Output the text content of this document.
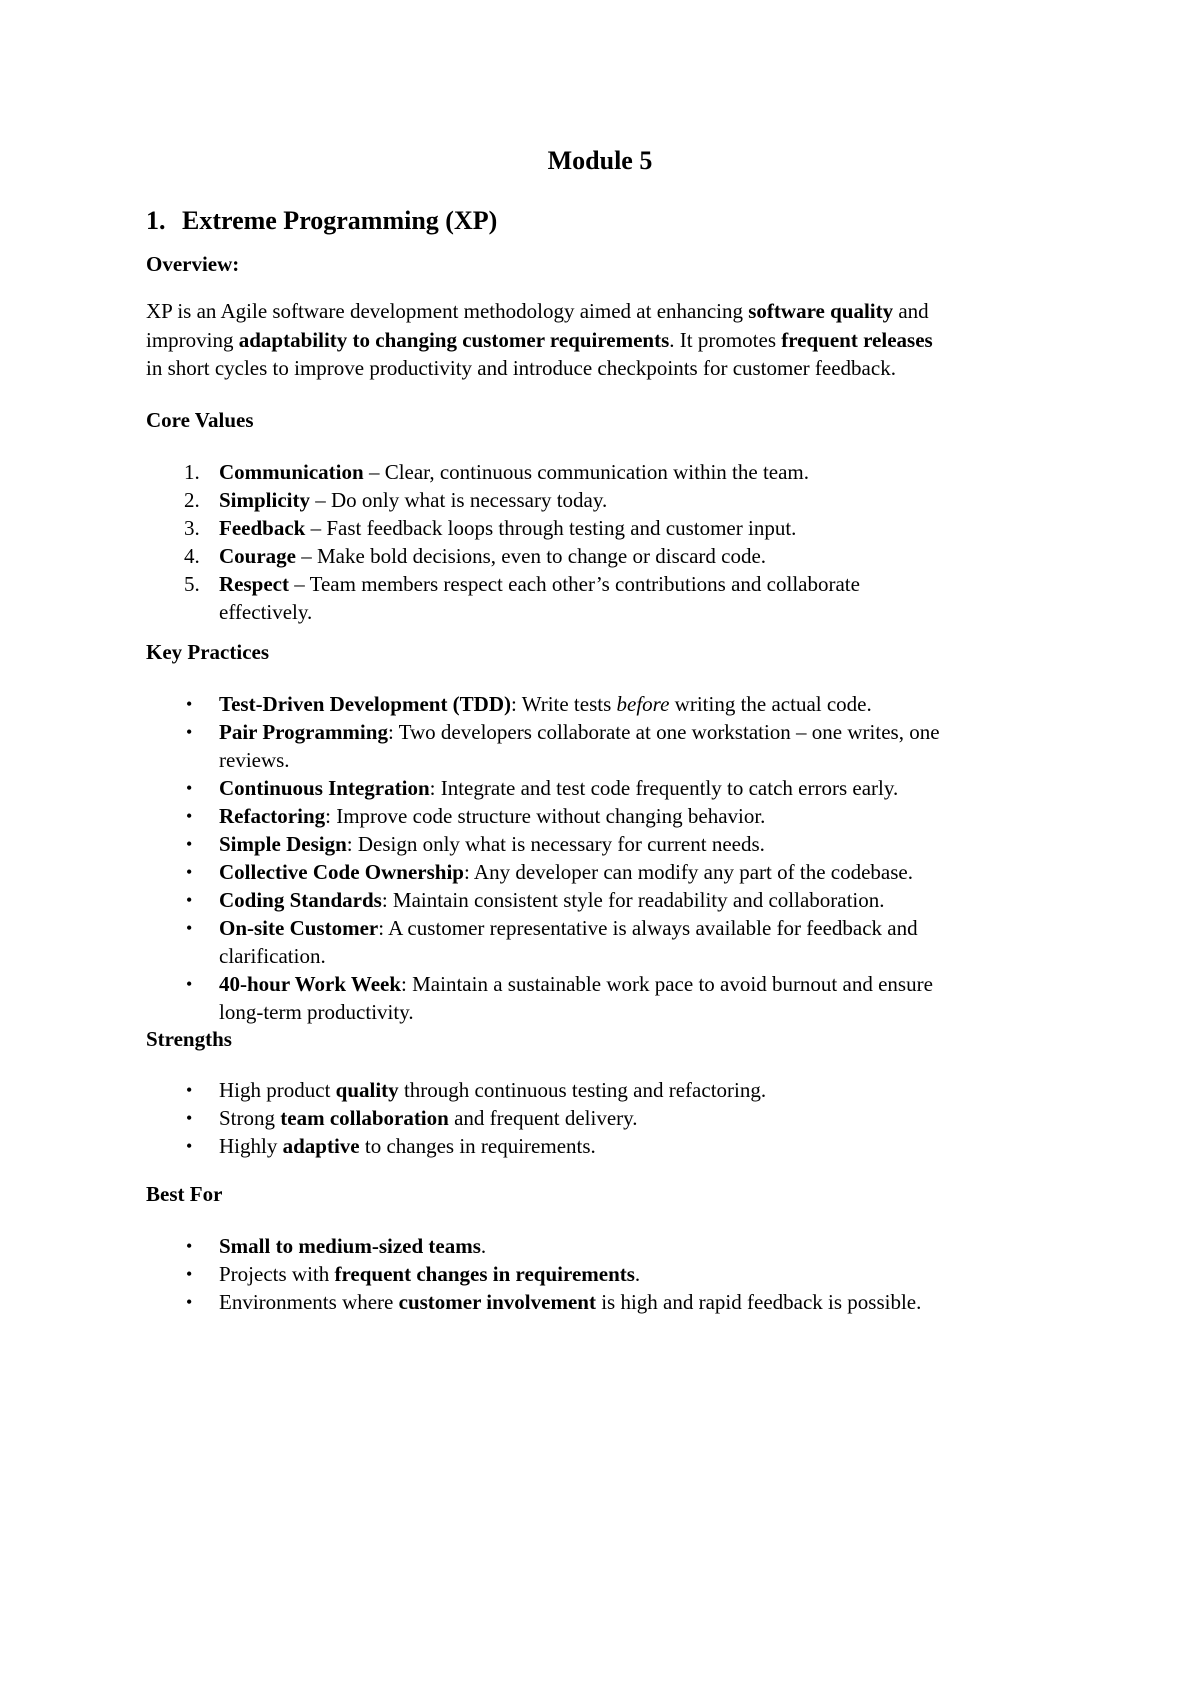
Module 5
1. Extreme Programming (XP)
Overview:
XP is an Agile software development methodology aimed at enhancing software quality and
improving adaptability to changing customer requirements. It promotes frequent releases
in short cycles to improve productivity and introduce checkpoints for customer feedback.
Core Values
1. Communication – Clear, continuous communication within the team.
2. Simplicity – Do only what is necessary today.
3. Feedback – Fast feedback loops through testing and customer input.
4. Courage – Make bold decisions, even to change or discard code.
5. Respect – Team members respect each other’s contributions and collaborate
effectively.
Key Practices
• Test-Driven Development (TDD): Write tests before writing the actual code.
• Pair Programming: Two developers collaborate at one workstation – one writes, one
reviews.
• Continuous Integration: Integrate and test code frequently to catch errors early.
• Refactoring: Improve code structure without changing behavior.
• Simple Design: Design only what is necessary for current needs.
• Collective Code Ownership: Any developer can modify any part of the codebase.
• Coding Standards: Maintain consistent style for readability and collaboration.
• On-site Customer: A customer representative is always available for feedback and
clarification.
• 40-hour Work Week: Maintain a sustainable work pace to avoid burnout and ensure
long-term productivity.
Strengths
• High product quality through continuous testing and refactoring.
• Strong team collaboration and frequent delivery.
• Highly adaptive to changes in requirements.
Best For
• Small to medium-sized teams.
• Projects with frequent changes in requirements.
• Environments where customer involvement is high and rapid feedback is possible.
